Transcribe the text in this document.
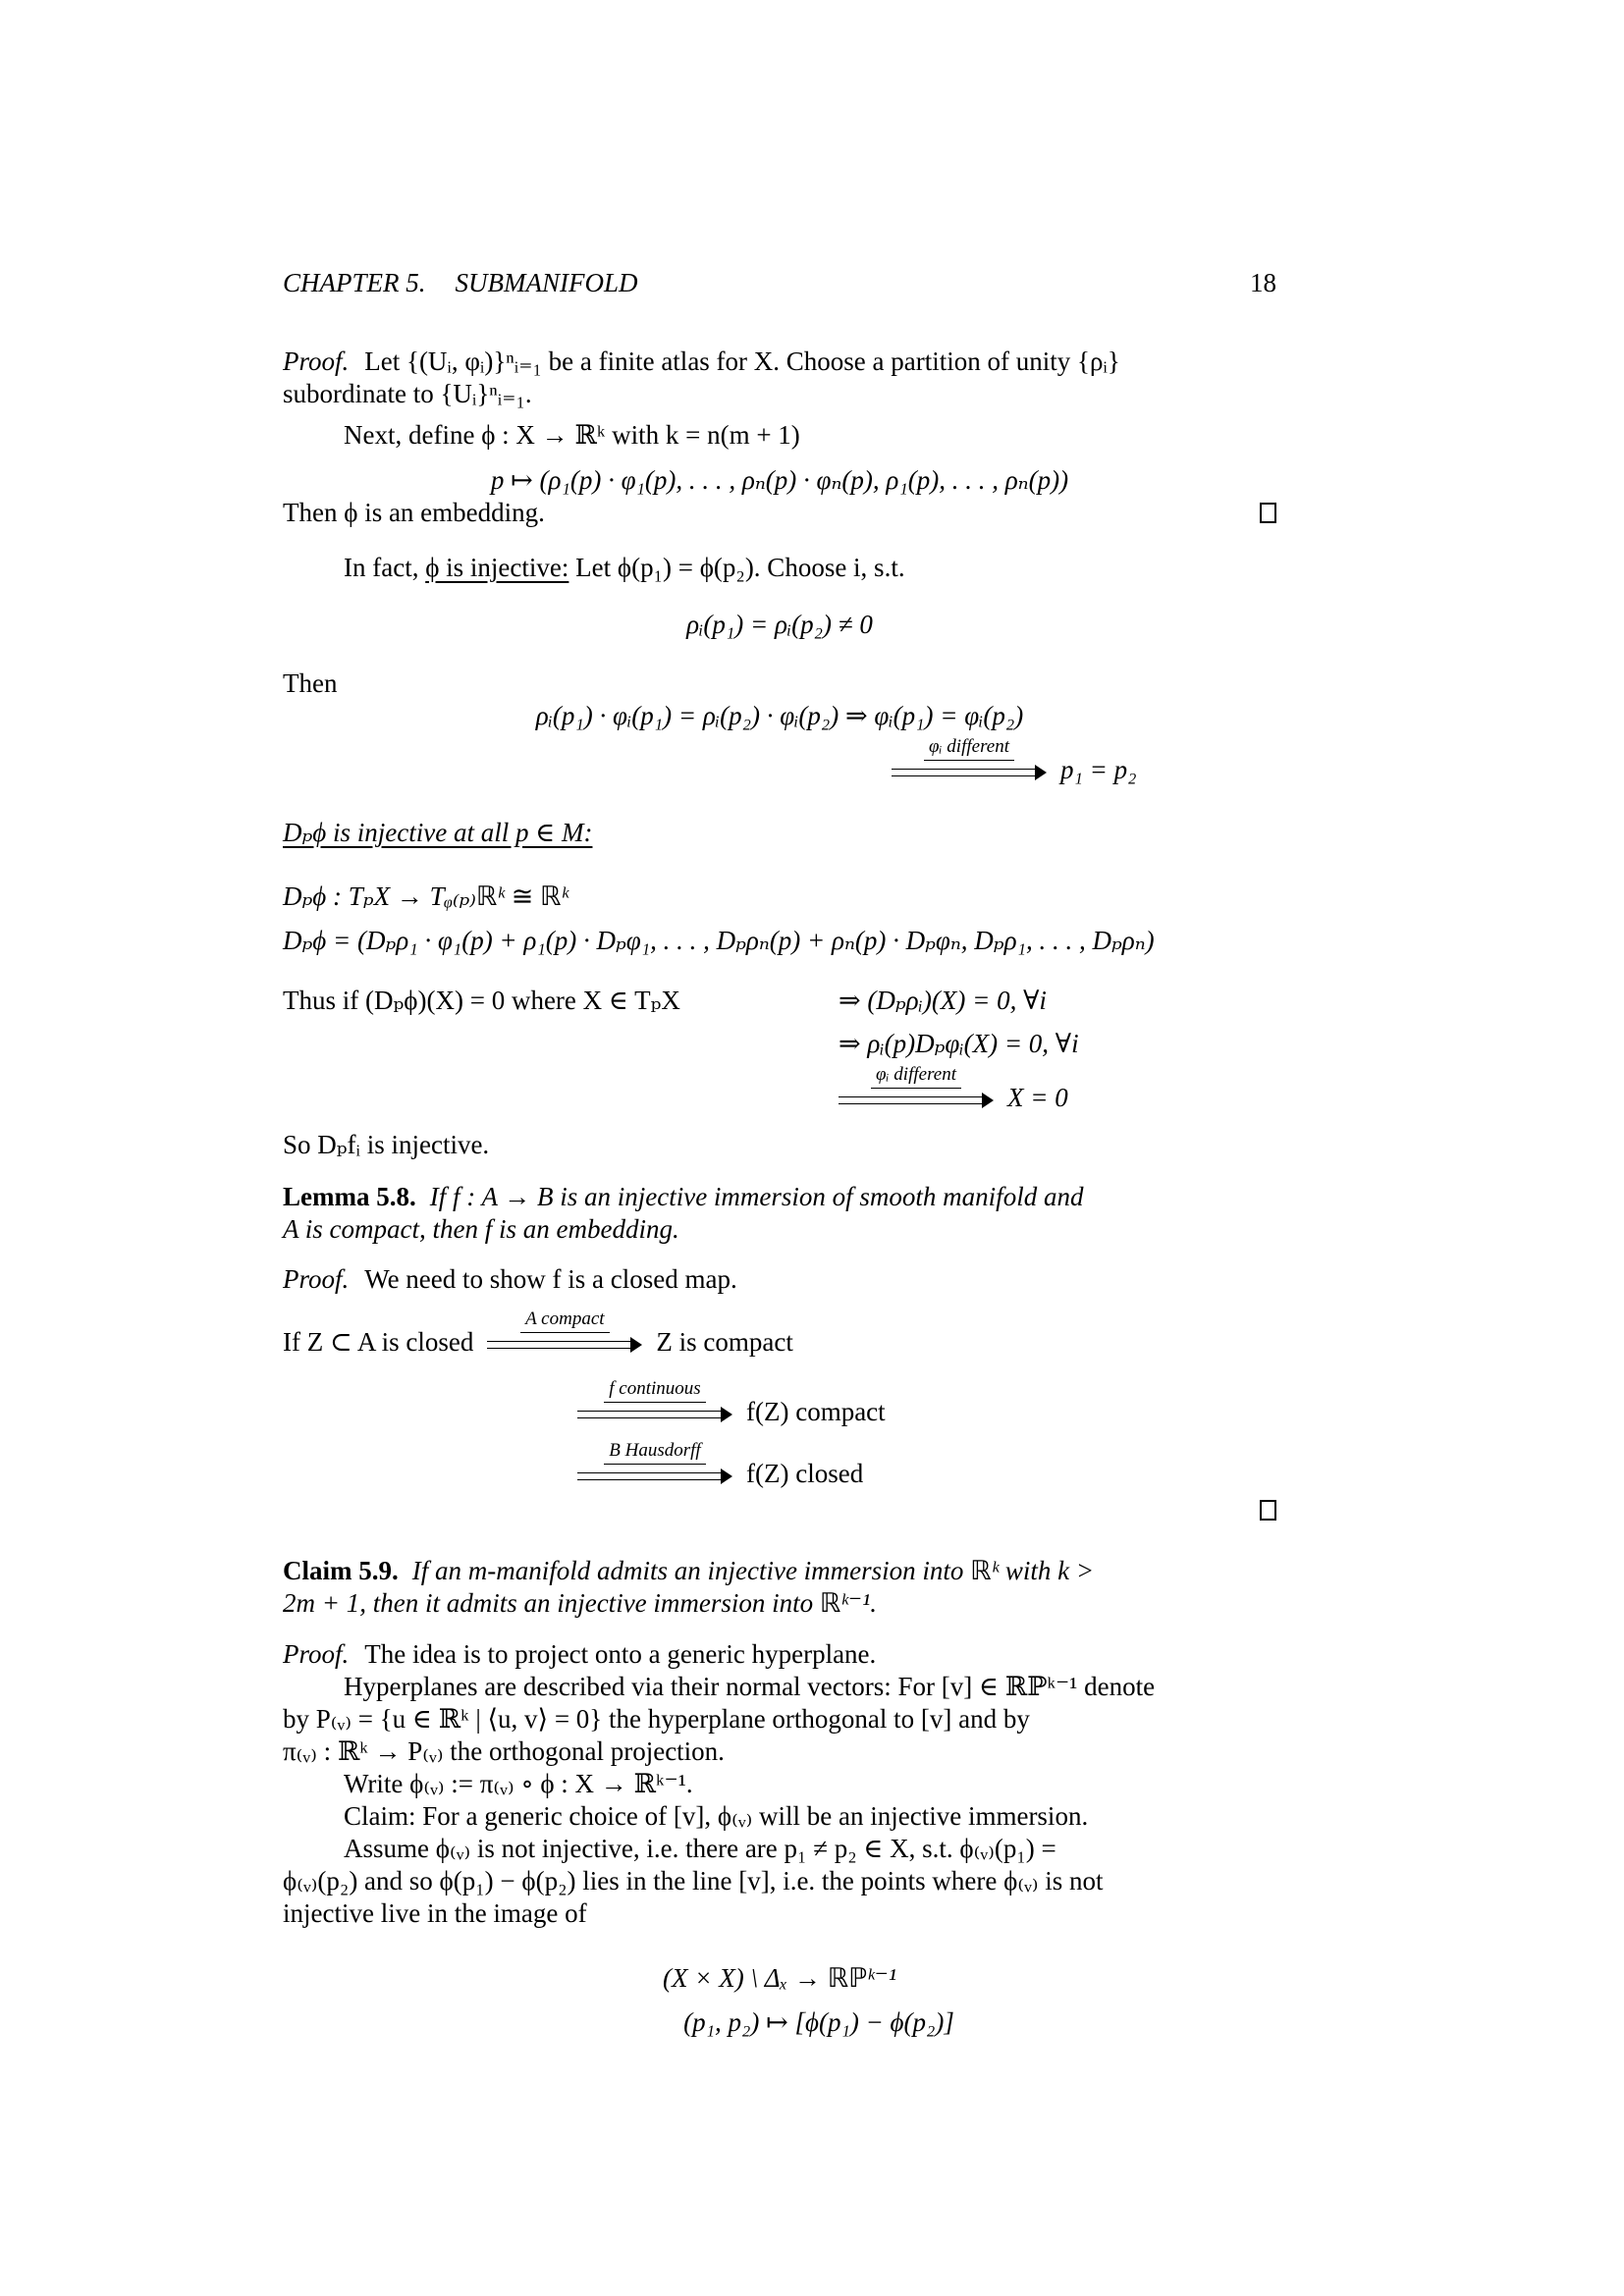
CHAPTER 5. SUBMANIFOLD	18
Proof. Let {(Uᵢ, φᵢ)}ⁿᵢ₌₁ be a finite atlas for X. Choose a partition of unity {ρᵢ}
subordinate to {Uᵢ}ⁿᵢ₌₁.
Next, define ϕ : X → ℝᵏ with k = n(m + 1)
p ↦ (ρ₁(p) · φ₁(p), . . . , ρₙ(p) · φₙ(p), ρ₁(p), . . . , ρₙ(p))
Then ϕ is an embedding.
In fact, ϕ is injective: Let ϕ(p₁) = ϕ(p₂). Choose i, s.t.
ρᵢ(p₁) = ρᵢ(p₂) ≠ 0
Then
ρᵢ(p₁) · φᵢ(p₁) = ρᵢ(p₂) · φᵢ(p₂) ⇒ φᵢ(p₁) = φᵢ(p₂)
φᵢ different
p₁ = p₂
Dₚϕ is injective at all p ∈ M:
Dₚϕ : TₚX → Tᵩ₍ₚ₎ℝᵏ ≅ ℝᵏ
Dₚϕ = (Dₚρ₁ · φ₁(p) + ρ₁(p) · Dₚφ₁, . . . , Dₚρₙ(p) + ρₙ(p) · Dₚφₙ, Dₚρ₁, . . . , Dₚρₙ)
Thus if (Dₚϕ)(X) = 0 where X ∈ TₚX	⇒ (Dₚρᵢ)(X) = 0, ∀i
⇒ ρᵢ(p)Dₚφᵢ(X) = 0, ∀i
φᵢ different
X = 0
So Dₚfᵢ is injective.
Lemma 5.8. If f : A → B is an injective immersion of smooth manifold and
A is compact, then f is an embedding.
Proof. We need to show f is a closed map.
If Z ⊂ A is closed
A compact
Z is compact
f continuous
f(Z) compact
B Hausdorff
f(Z) closed
Claim 5.9. If an m-manifold admits an injective immersion into ℝᵏ with k >
2m + 1, then it admits an injective immersion into ℝᵏ⁻¹.
Proof. The idea is to project onto a generic hyperplane.
Hyperplanes are described via their normal vectors: For [v] ∈ ℝℙᵏ⁻¹ denote
by P₍ᵥ₎ = {u ∈ ℝᵏ | ⟨u, v⟩ = 0} the hyperplane orthogonal to [v] and by
π₍ᵥ₎ : ℝᵏ → P₍ᵥ₎ the orthogonal projection.
Write ϕ₍ᵥ₎ := π₍ᵥ₎ ∘ ϕ : X → ℝᵏ⁻¹.
Claim: For a generic choice of [v], ϕ₍ᵥ₎ will be an injective immersion.
Assume ϕ₍ᵥ₎ is not injective, i.e. there are p₁ ≠ p₂ ∈ X, s.t. ϕ₍ᵥ₎(p₁) =
ϕ₍ᵥ₎(p₂) and so ϕ(p₁) − ϕ(p₂) lies in the line [v], i.e. the points where ϕ₍ᵥ₎ is not
injective live in the image of
(X × X) \ Δₓ → ℝℙᵏ⁻¹
(p₁, p₂) ↦ [ϕ(p₁) − ϕ(p₂)]
